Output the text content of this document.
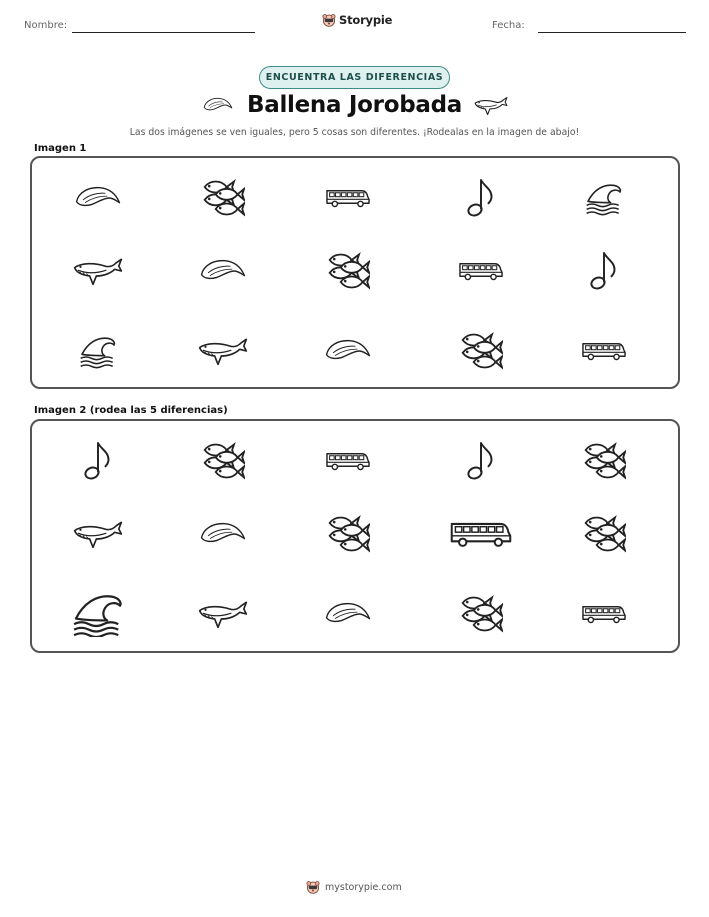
Nombre:	Storypie	Fecha:
ENCUENTRA LAS DIFERENCIAS
Ballena Jorobada
Las dos imágenes se ven iguales, pero 5 cosas son diferentes. ¡Rodealas en la imagen de abajo!
Imagen 1
Imagen 2 (rodea las 5 diferencias)
mystorypie.com
